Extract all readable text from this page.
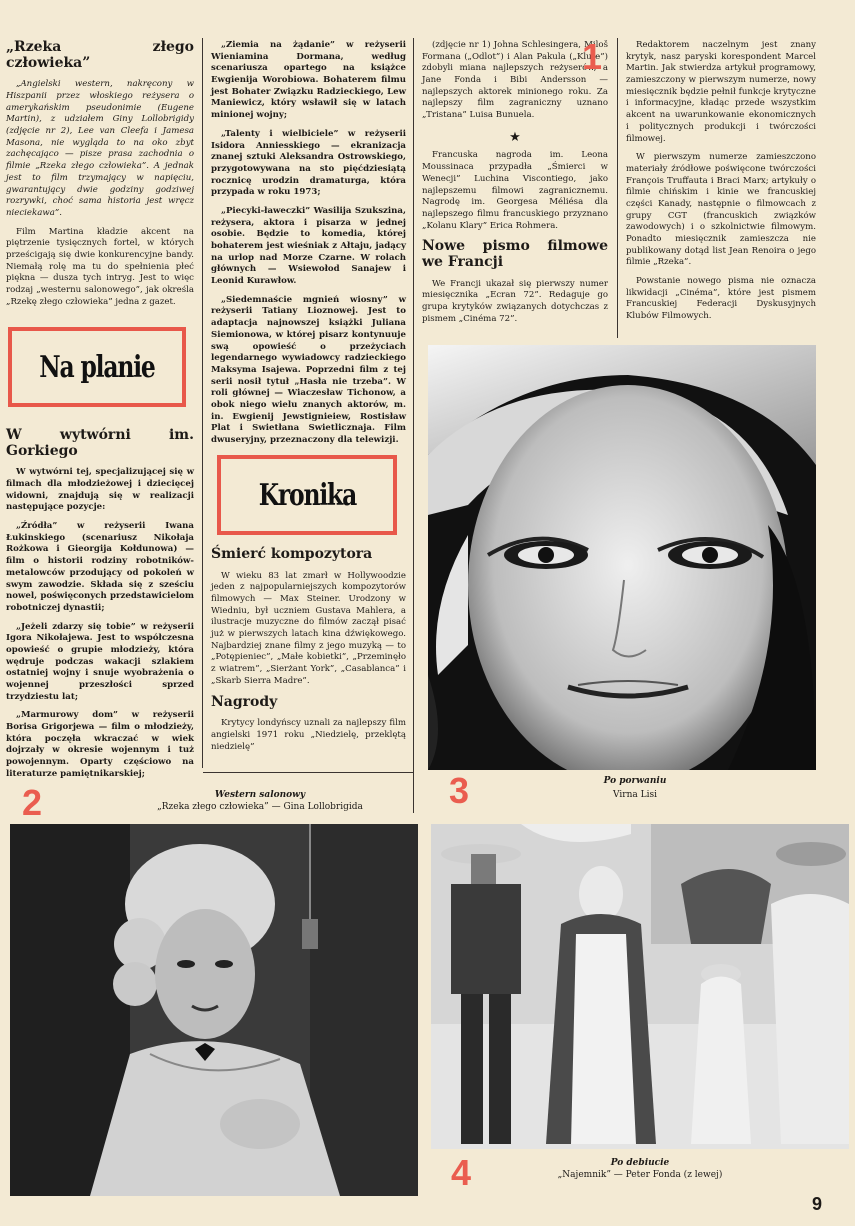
„Rzeka złego człowieka”

„Angielski western, nakręcony w Hiszpanii przez włoskiego reżysera o amerykańskim pseudonimie (Eugene Martin), z udziałem Giny Lollobrigidy (zdjęcie nr 2), Lee van Cleefa i Jamesa Masona, nie wygląda to na oko zbyt zachęcająco — pisze prasa zachodnia o filmie „Rzeka złego człowieka”. A jednak jest to film trzymający w napięciu, gwarantujący dwie godziny godziwej rozrywki, choć sama historia jest wręcz nieciekawa”.

Film Martina kładzie akcent na piętrzenie tysięcznych fortel, w których prześcigają się dwie konkurencyjne bandy. Niemałą rolę ma tu do spełnienia płeć piękna — dusza tych intryg. Jest to więc rodzaj „westernu salonowego”, jak określa „Rzekę złego człowieka” jedna z gazet.

Na planie
W wytwórni im. Gorkiego

W wytwórni tej, specjalizującej się w filmach dla młodzieżowej i dziecięcej widowni, znajdują się w realizacji następujące pozycje:

„Źródła” w reżyserii Iwana Łukinskiego (scenariusz Nikołaja Rożkowa i Gieorgija Kołdunowa) — film o historii rodziny robotników-metalowców przodujący od pokoleń w swym zawodzie. Składa się z sześciu nowel, poświęconych przedstawicielom robotniczej dynastii;

„Jeżeli zdarzy się tobie” w reżyserii Igora Nikołajewa. Jest to współczesna opowieść o grupie młodzieży, która wędruje podczas wakacji szlakiem ostatniej wojny i snuje wyobrażenia o wojennej przeszłości sprzed trzydziestu lat;

„Marmurowy dom” w reżyserii Borisa Grigorjewa — film o młodzieży, która poczęła wkraczać w wiek dojrzały w okresie wojennym i tuż powojennym. Oparty częściowo na literaturze pamiętnikarskiej;

„Ziemia na żądanie” w reżyserii Wieniamina Dormana, według scenariusza opartego na książce Ewgienija Worobiowa. Bohaterem filmu jest Bohater Związku Radzieckiego, Lew Maniewicz, który wsławił się w latach minionej wojny;

„Talenty i wielbiciele” w reżyserii Isidora Anniesskiego — ekranizacja znanej sztuki Aleksandra Ostrowskiego, przygotowywana na sto pięćdziesiątą rocznicę urodzin dramaturga, która przypada w roku 1973;

„Piecyki-ławeczki” Wasilija Szukszina, reżysera, aktora i pisarza w jednej osobie. Będzie to komedia, której bohaterem jest wieśniak z Ałtaju, jadący na urlop nad Morze Czarne. W rolach głównych — Wsiewołod Sanajew i Leonid Kurawłow.

„Siedemnaście mgnień wiosny” w reżyserii Tatiany Lioznowej. Jest to adaptacja najnowszej książki Juliana Siemionowa, w której pisarz kontynuuje swą opowieść o przeżyciach legendarnego wywiadowcy radzieckiego Maksyma Isajewa. Poprzedni film z tej serii nosił tytuł „Hasła nie trzeba”. W roli głównej — Wiaczesław Tichonow, a obok niego wielu znanych aktorów, m. in. Ewgienij Jewstignieiew, Rostisław Plat i Swietłana Swietlicznaja. Film dwuseryjny, przeznaczony dla telewizji.

Kronika
Śmierć kompozytora

W wieku 83 lat zmarł w Hollywoodzie jeden z najpopularniejszych kompozytorów filmowych — Max Steiner. Urodzony w Wiedniu, był uczniem Gustava Mahlera, a ilustracje muzyczne do filmów zaczął pisać już w pierwszych latach kina dźwiękowego. Najbardziej znane filmy z jego muzyką — to „Potępieniec”, „Małe kobietki”, „Przeminęło z wiatrem”, „Sierżant York”, „Casablanca” i „Skarb Sierra Madre”.

Nagrody

Krytycy londyńscy uznali za najlepszy film angielski 1971 roku „Niedzielę, przeklętą niedzielę”

(zdjęcie nr 1) Johna Schlesingera, Miloš Formana („Odlot”) i Alan Pakula („Klute”) zdobyli miana najlepszych reżyserów, a Jane Fonda i Bibi Andersson — najlepszych aktorek minionego roku. Za najlepszy film zagraniczny uznano „Tristana” Luisa Bunuela.

★

Francuska nagroda im. Leona Moussinaca przypadła „Śmierci w Wenecji” Luchina Viscontiego, jako najlepszemu filmowi zagranicznemu. Nagrodę im. Georgesa Méliésa dla najlepszego filmu francuskiego przyznano „Kolanu Klary” Erica Rohmera.

Nowe pismo filmowe we Francji

We Francji ukazał się pierwszy numer miesięcznika „Ecran 72”. Redaguje go grupa krytyków związanych dotychczas z pismem „Cinéma 72”.

1	Redaktorem naczelnym jest znany krytyk, nasz paryski korespondent Marcel Martin. Jak stwierdza artykuł programowy, zamieszczony w pierwszym numerze, nowy miesięcznik będzie pełnił funkcje krytyczne i informacyjne, kładąc przede wszystkim akcent na uwarunkowanie ekonomicznych i politycznych produkcji i twórczości filmowej.

W pierwszym numerze zamieszczono materiały źródłowe poświęcone twórczości François Truffauta i Braci Marx; artykuły o filmie chińskim i kinie we francuskiej części Kanady, następnie o filmowcach z grupy CGT (francuskich związków zawodowych) i o szkolnictwie filmowym. Ponadto miesięcznik zamieszcza nie publikowany dotąd list Jean Renoira o jego filmie „Rzeka”.

Powstanie nowego pisma nie oznacza likwidacji „Cinéma”, które jest pismem Francuskiej Federacji Dyskusyjnych Klubów Filmowych.

3	Po porwaniu
Virna Lisi
2	Western salonowy
„Rzeka złego człowieka” — Gina Lollobrigida
4	Po debiucie
„Najemnik” — Peter Fonda (z lewej)
9
